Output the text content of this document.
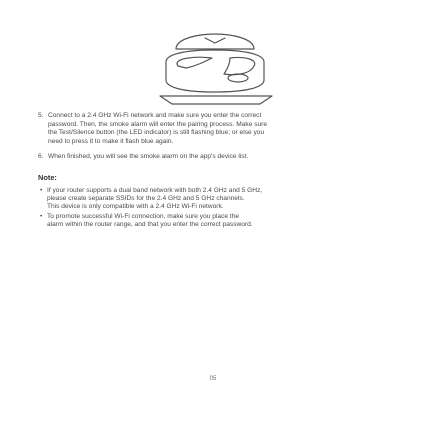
5. Connect to a 2.4 GHz Wi-Fi network and make sure you enter the correct
password. Then, the smoke alarm will enter the pairing process. Make sure
the Test/Silence button (the LED indicator) is still flashing blue; or else you
need to press it to make it flash blue again.
6. When finished, you will see the smoke alarm on the app's device list.
Note:
• If your router supports a dual band network with both 2.4 GHz and 5 GHz,
please create separate SSIDs for the 2.4 GHz and 5 GHz channels.
This device is only compatible with a 2.4 GHz Wi-Fi network.
• To promote successful Wi-Fi connection, make sure you place the
alarm within the router range, and that you enter the correct password.
05
